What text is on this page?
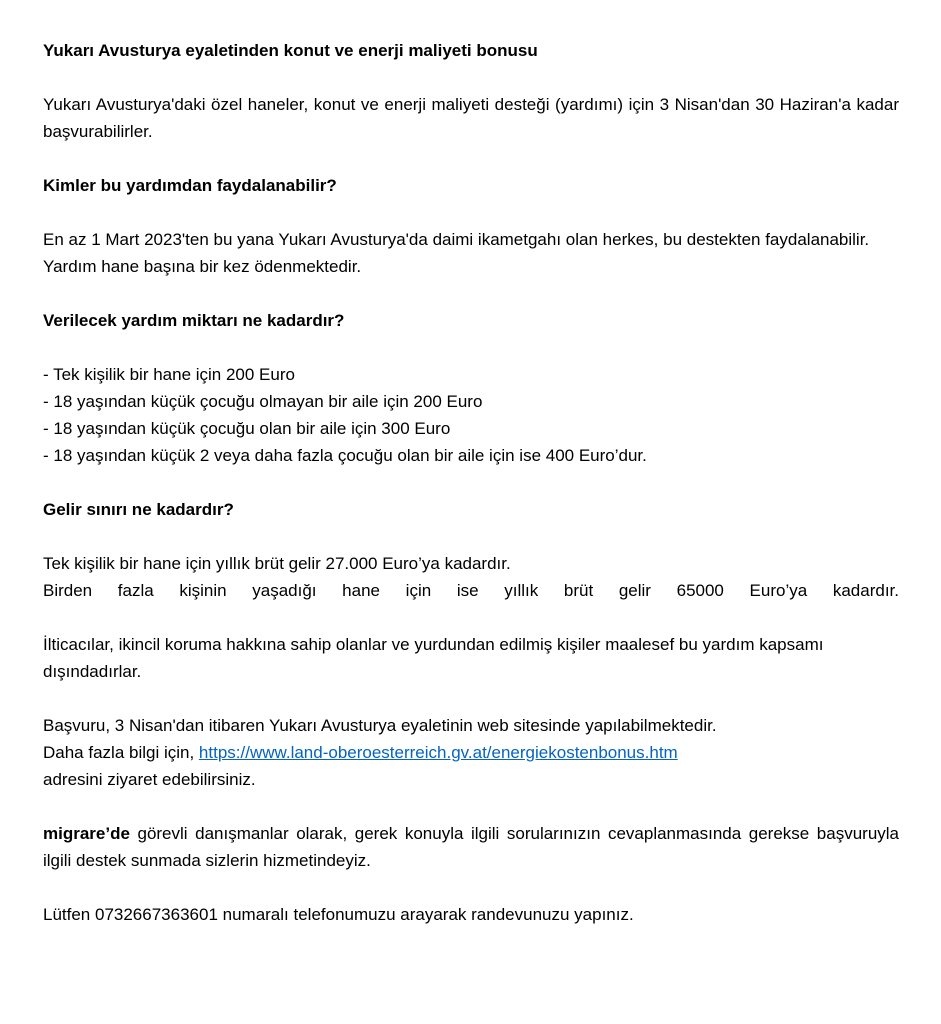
Yukarı Avusturya eyaletinden konut ve enerji maliyeti bonusu

Yukarı Avusturya'daki özel haneler, konut ve enerji maliyeti desteği (yardımı) için 3 Nisan'dan 30 Haziran'a kadar başvurabilirler.

Kimler bu yardımdan faydalanabilir?

En az 1 Mart 2023'ten bu yana Yukarı Avusturya'da daimi ikametgahı olan herkes, bu destekten faydalanabilir.

Yardım hane başına bir kez ödenmektedir.

Verilecek yardım miktarı ne kadardır?

- Tek kişilik bir hane için 200 Euro

- 18 yaşından küçük çocuğu olmayan bir aile için 200 Euro

- 18 yaşından küçük çocuğu olan bir aile için 300 Euro

- 18 yaşından küçük 2 veya daha fazla çocuğu olan bir aile için ise 400 Euro’dur.

Gelir sınırı ne kadardır?

Tek kişilik bir hane için yıllık brüt gelir 27.000 Euro’ya kadardır.

Birden fazla kişinin yaşadığı hane için ise yıllık brüt gelir 65000 Euro’ya kadardır.

İlticacılar, ikincil koruma hakkına sahip olanlar ve yurdundan edilmiş kişiler maalesef bu yardım kapsamı dışındadırlar.

Başvuru, 3 Nisan'dan itibaren Yukarı Avusturya eyaletinin web sitesinde yapılabilmektedir.

Daha fazla bilgi için, https://www.land-oberoesterreich.gv.at/energiekostenbonus.htm

adresini ziyaret edebilirsiniz.

migrare’de görevli danışmanlar olarak, gerek konuyla ilgili sorularınızın cevaplanmasında gerekse başvuruyla ilgili destek sunmada sizlerin hizmetindeyiz.

Lütfen 0732667363601 numaralı telefonumuzu arayarak randevunuzu yapınız.
